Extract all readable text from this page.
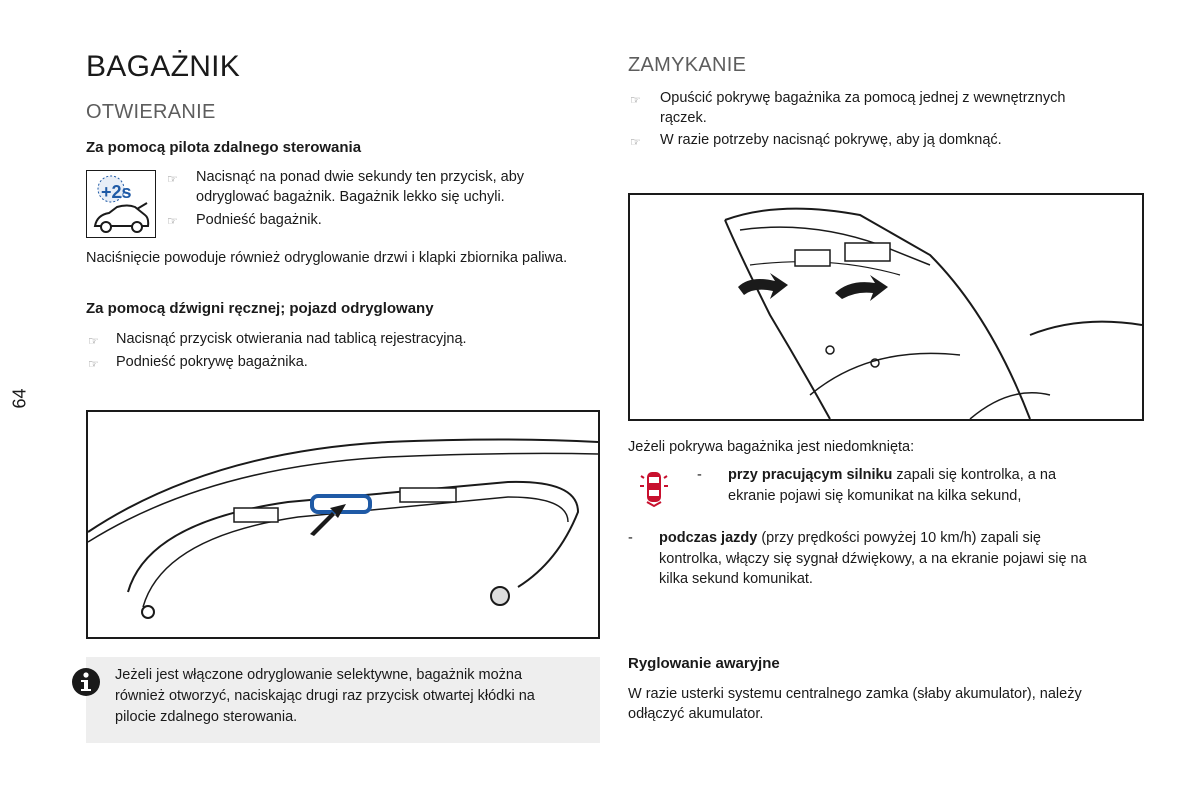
BAGAŻNIK
64
OTWIERANIE
Za pomocą pilota zdalnego sterowania
+2s
☞ Nacisnąć na ponad dwie sekundy ten przycisk, aby
odryglować bagażnik. Bagażnik lekko się uchyli.
☞ Podnieść bagażnik.
Naciśnięcie powoduje również odryglowanie drzwi i klapki zbiornika paliwa.
Za pomocą dźwigni ręcznej; pojazd odryglowany
☞ Nacisnąć przycisk otwierania nad tablicą rejestracyjną.
☞ Podnieść pokrywę bagażnika.
Jeżeli jest włączone odryglowanie selektywne, bagażnik można
również otworzyć, naciskając drugi raz przycisk otwartej kłódki na
pilocie zdalnego sterowania.
ZAMYKANIE
☞ Opuścić pokrywę bagażnika za pomocą jednej z wewnętrznych
rączek.
☞ W razie potrzeby nacisnąć pokrywę, aby ją domknąć.
Jeżeli pokrywa bagażnika jest niedomknięta:
- przy pracującym silniku zapali się kontrolka, a na
ekranie pojawi się komunikat na kilka sekund,
- podczas jazdy (przy prędkości powyżej 10 km/h) zapali się
kontrolka, włączy się sygnał dźwiękowy, a na ekranie pojawi się na
kilka sekund komunikat.
Ryglowanie awaryjne
W razie usterki systemu centralnego zamka (słaby akumulator), należy
odłączyć akumulator.
